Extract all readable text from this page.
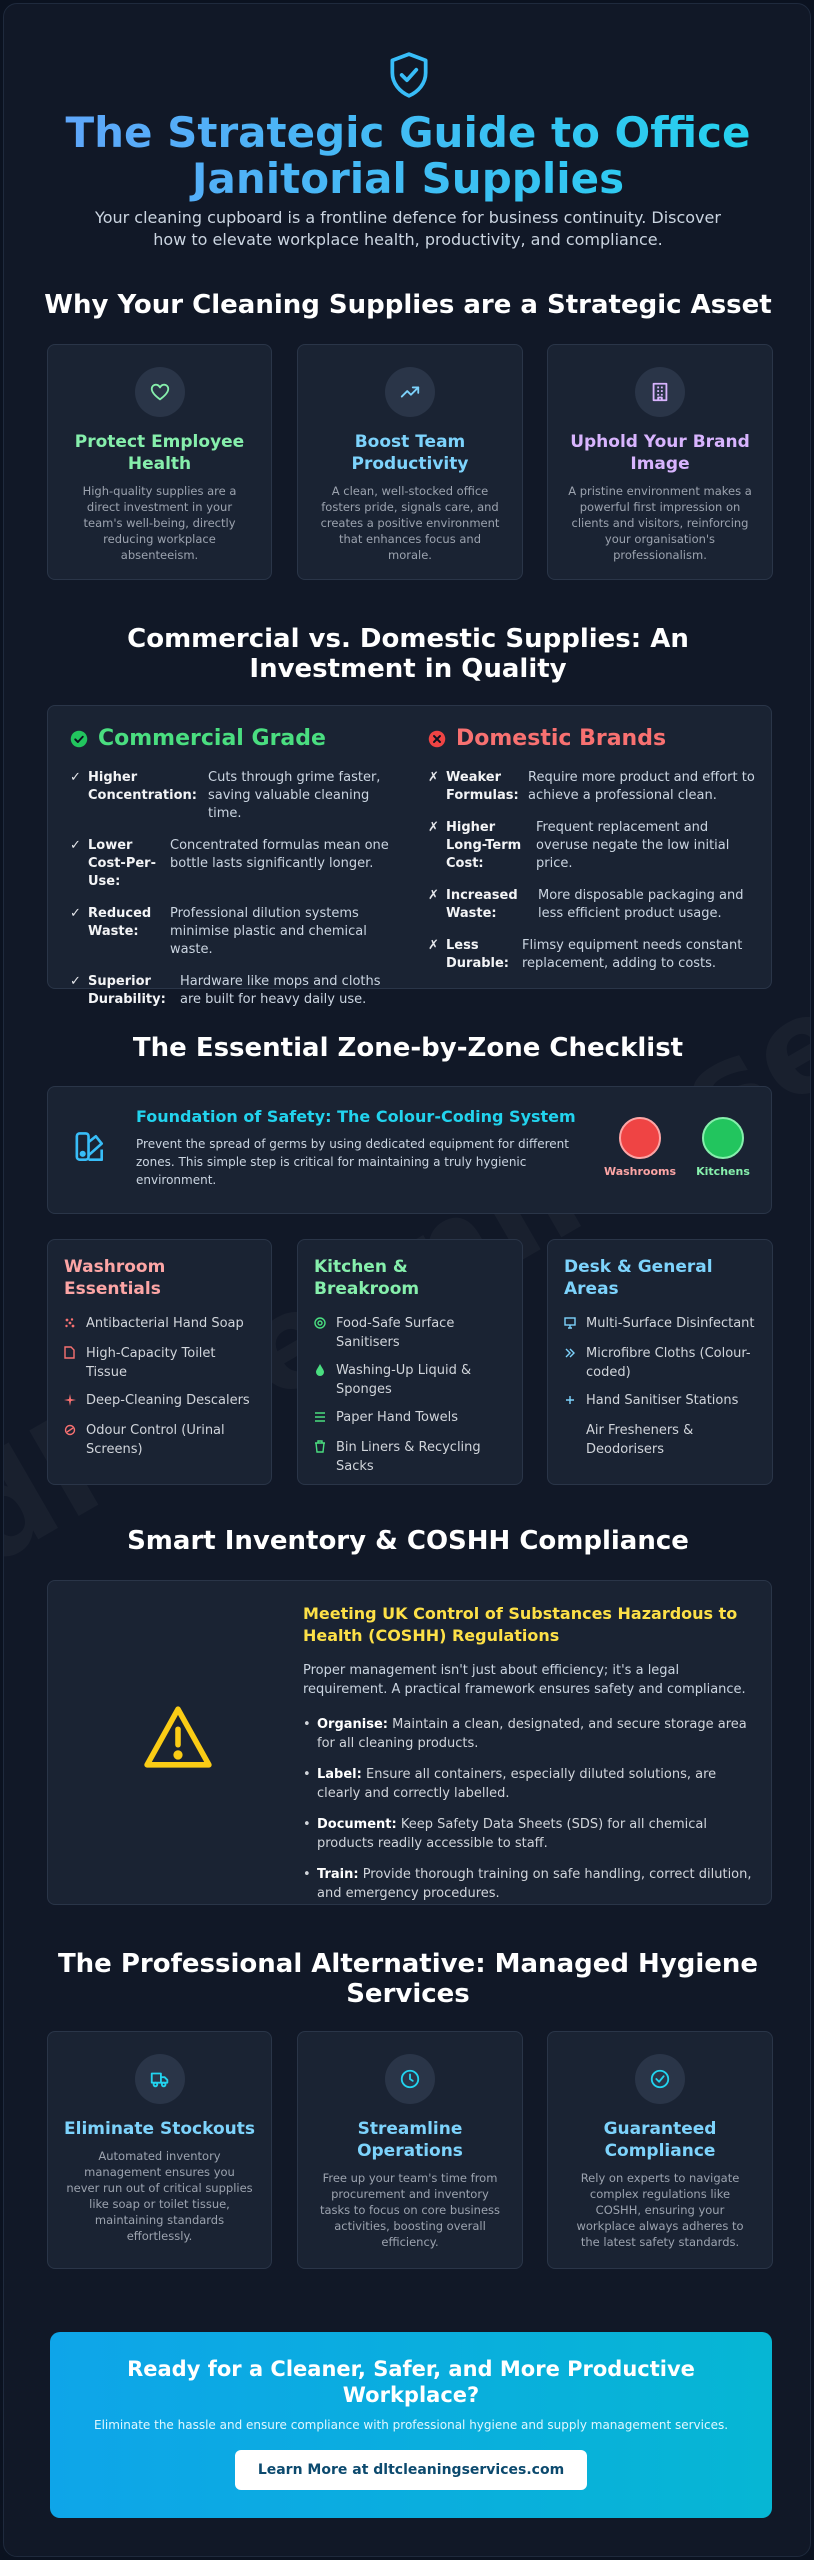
The Strategic Guide to Office Janitorial Supplies

Your cleaning cupboard is a frontline defence for business continuity. Discover how to elevate workplace health, productivity, and compliance.

Why Your Cleaning Supplies are a Strategic Asset
Protect Employee Health
High-quality supplies are a direct investment in your team's well-being, directly reducing workplace absenteeism.
Boost Team Productivity
A clean, well-stocked office fosters pride, signals care, and creates a positive environment that enhances focus and morale.
Uphold Your Brand Image
A pristine environment makes a powerful first impression on clients and visitors, reinforcing your organisation's professionalism.
Commercial vs. Domestic Supplies: An Investment in Quality
Commercial Grade
✓ Higher Concentration:
Cuts through grime faster, saving valuable cleaning time.
✓ Lower Cost-Per-Use:
Concentrated formulas mean one bottle lasts significantly longer.
✓ Reduced Waste:
Professional dilution systems minimise plastic and chemical waste.
✓ Superior Durability:
Hardware like mops and cloths are built for heavy daily use.
Domestic Brands
✗ Weaker Formulas:
Require more product and effort to achieve a professional clean.
✗ Higher Long-Term Cost:
Frequent replacement and overuse negate the low initial price.
✗ Increased Waste:
More disposable packaging and less efficient product usage.
✗ Less Durable:
Flimsy equipment needs constant replacement, adding to costs.
The Essential Zone-by-Zone Checklist
Foundation of Safety: The Colour-Coding System
Prevent the spread of germs by using dedicated equipment for different zones. This simple step is critical for maintaining a truly hygienic environment.
Washrooms	Kitchens
Washroom Essentials
Antibacterial Hand Soap
High-Capacity Toilet Tissue
Deep-Cleaning Descalers
Odour Control (Urinal Screens)
Kitchen & Breakroom
Food-Safe Surface Sanitisers
Washing-Up Liquid & Sponges
Paper Hand Towels
Bin Liners & Recycling Sacks
Desk & General Areas
Multi-Surface Disinfectant
Microfibre Cloths (Colour-coded)
Hand Sanitiser Stations
Air Fresheners & Deodorisers
Smart Inventory & COSHH Compliance
Meeting UK Control of Substances Hazardous to Health (COSHH) Regulations
Proper management isn't just about efficiency; it's a legal requirement. A practical framework ensures safety and compliance.
• Organise: Maintain a clean, designated, and secure storage area for all cleaning products.
• Label: Ensure all containers, especially diluted solutions, are clearly and correctly labelled.
• Document: Keep Safety Data Sheets (SDS) for all chemical products readily accessible to staff.
• Train: Provide thorough training on safe handling, correct dilution, and emergency procedures.
The Professional Alternative: Managed Hygiene Services
Eliminate Stockouts
Automated inventory management ensures you never run out of critical supplies like soap or toilet tissue, maintaining standards effortlessly.
Streamline Operations
Free up your team's time from procurement and inventory tasks to focus on core business activities, boosting overall efficiency.
Guaranteed Compliance
Rely on experts to navigate complex regulations like COSHH, ensuring your workplace always adheres to the latest safety standards.
Ready for a Cleaner, Safer, and More Productive Workplace?
Eliminate the hassle and ensure compliance with professional hygiene and supply management services.
Learn More at dltcleaningservices.com
